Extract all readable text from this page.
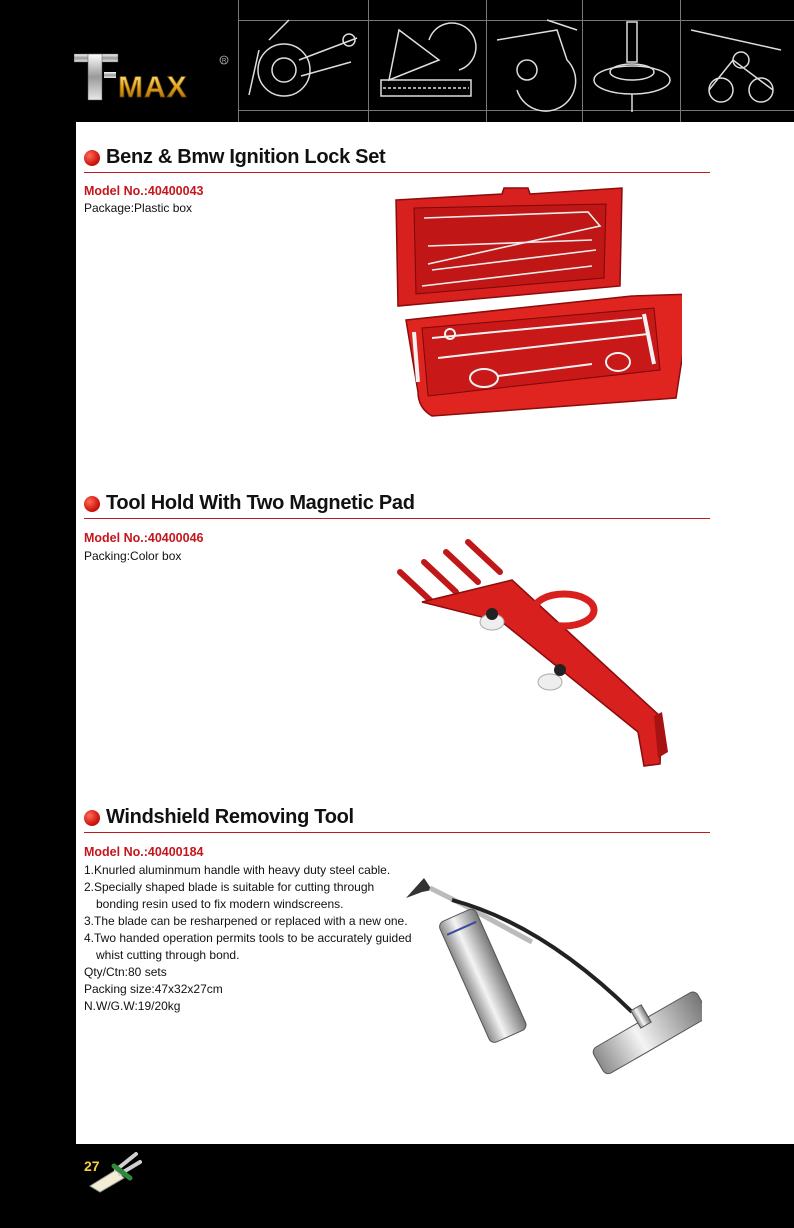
MAX
R
Benz & Bmw Ignition Lock Set
Model No.:40400043
Package:Plastic box
Tool Hold With Two Magnetic Pad
Model No.:40400046
Packing:Color box
Windshield Removing Tool
Model No.:40400184
1.Knurled aluminmum handle with heavy duty steel cable.
2.Specially shaped blade is suitable for cutting through
bonding resin used to fix modern windscreens.
3.The blade can be resharpened or replaced with a new one.
4.Two handed operation permits tools to be accurately guided
whist cutting through bond.
Qty/Ctn:80 sets
Packing size:47x32x27cm
N.W/G.W:19/20kg
27
